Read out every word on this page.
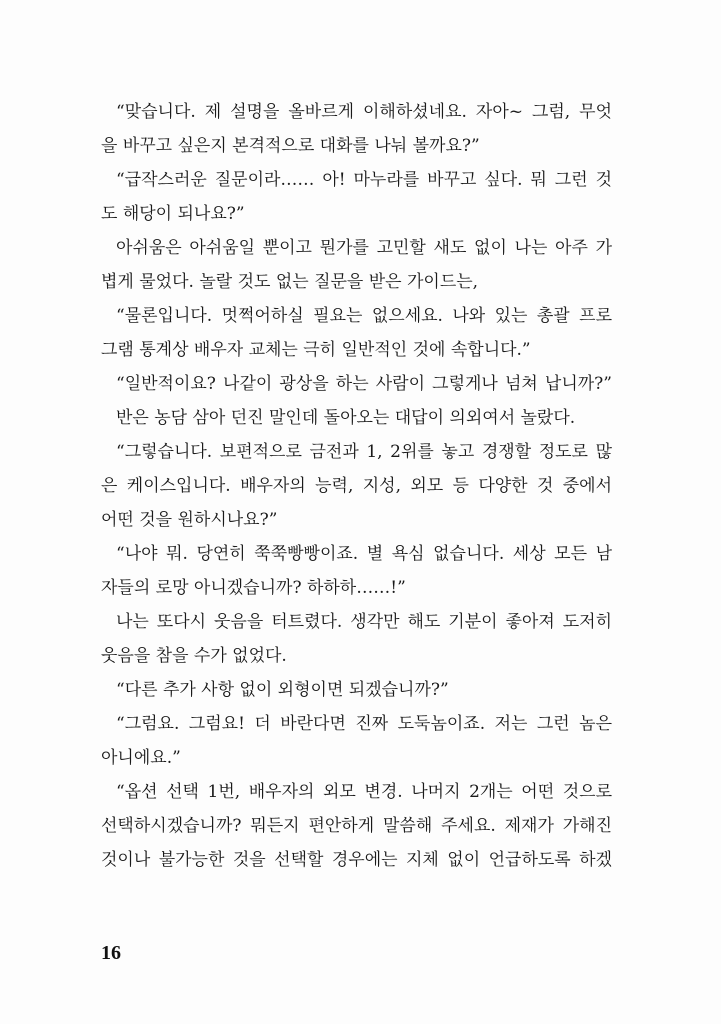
“맞습니다. 제 설명을 올바르게 이해하셨네요. 자아~ 그럼, 무엇
을 바꾸고 싶은지 본격적으로 대화를 나눠 볼까요?”
“급작스러운 질문이라…… 아! 마누라를 바꾸고 싶다. 뭐 그런 것
도 해당이 되나요?”
아쉬움은 아쉬움일 뿐이고 뭔가를 고민할 새도 없이 나는 아주 가
볍게 물었다. 놀랄 것도 없는 질문을 받은 가이드는,
“물론입니다. 멋쩍어하실 필요는 없으세요. 나와 있는 총괄 프로
그램 통계상 배우자 교체는 극히 일반적인 것에 속합니다.”
“일반적이요? 나같이 광상을 하는 사람이 그렇게나 넘쳐 납니까?”
반은 농담 삼아 던진 말인데 돌아오는 대답이 의외여서 놀랐다.
“그렇습니다. 보편적으로 금전과 1, 2위를 놓고 경쟁할 정도로 많
은 케이스입니다. 배우자의 능력, 지성, 외모 등 다양한 것 중에서
어떤 것을 원하시나요?”
“나야 뭐. 당연히 쭉쭉빵빵이죠. 별 욕심 없습니다. 세상 모든 남
자들의 로망 아니겠습니까? 하하하……!”
나는 또다시 웃음을 터트렸다. 생각만 해도 기분이 좋아져 도저히
웃음을 참을 수가 없었다.
“다른 추가 사항 없이 외형이면 되겠습니까?”
“그럼요. 그럼요! 더 바란다면 진짜 도둑놈이죠. 저는 그런 놈은
아니에요.”
“옵션 선택 1번, 배우자의 외모 변경. 나머지 2개는 어떤 것으로
선택하시겠습니까? 뭐든지 편안하게 말씀해 주세요. 제재가 가해진
것이나 불가능한 것을 선택할 경우에는 지체 없이 언급하도록 하겠
16
